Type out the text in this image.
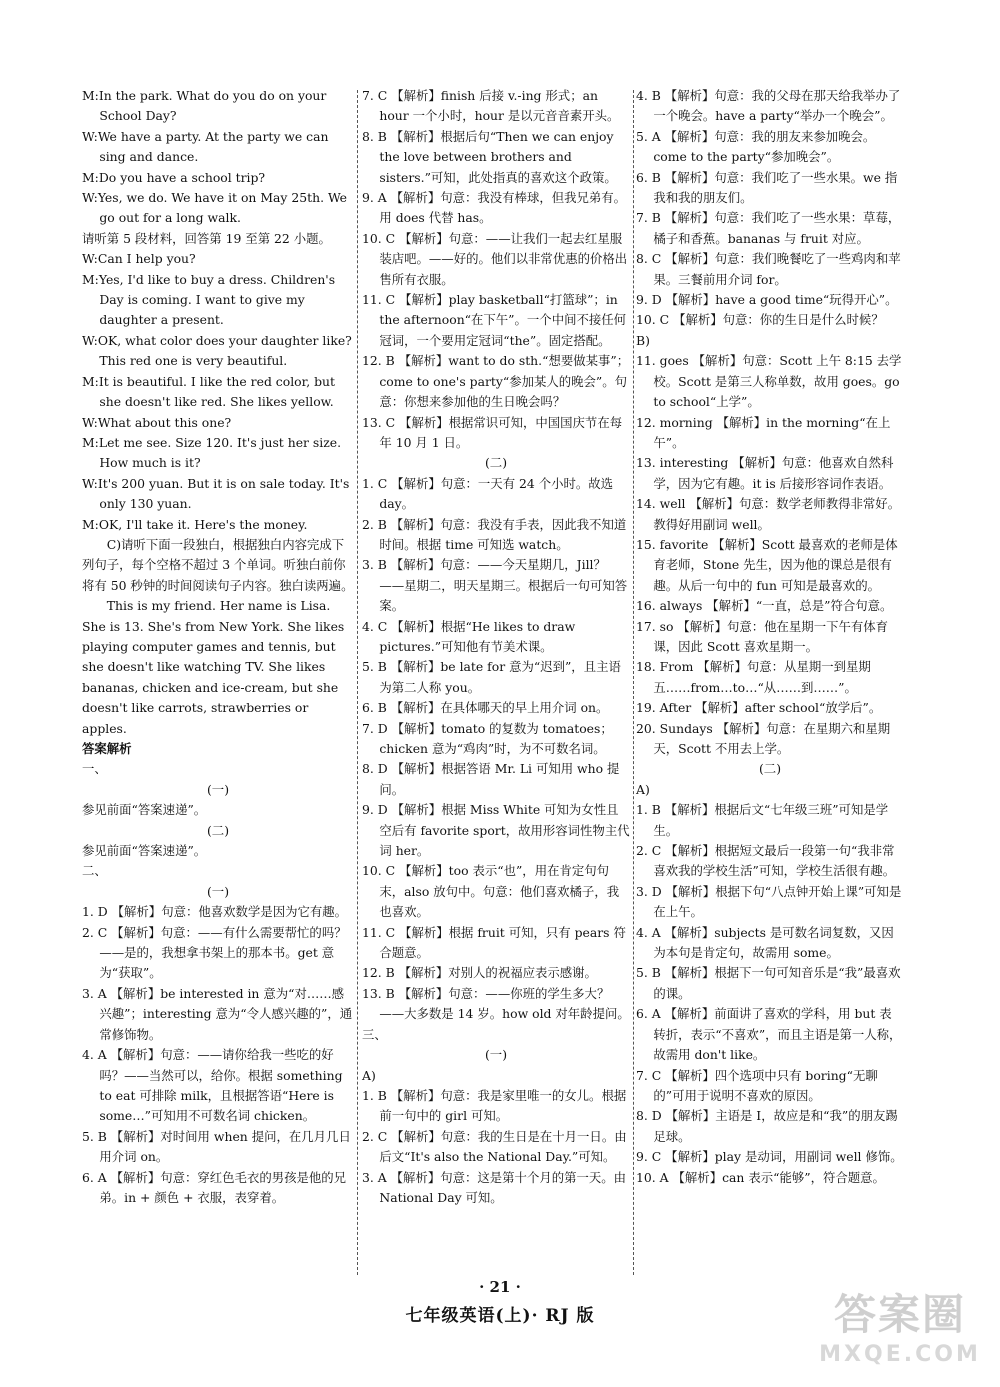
M:In the park. What do you do on your School Day?

W:We have a party. At the party we can sing and dance.

M:Do you have a school trip?

W:Yes, we do. We have it on May 25th. We go out for a long walk.

请听第 5 段材料，回答第 19 至第 22 小题。

W:Can I help you?

M:Yes, I'd like to buy a dress. Children's Day is coming. I want to give my daughter a present.

W:OK, what color does your daughter like? This red one is very beautiful.

M:It is beautiful. I like the red color, but she doesn't like red. She likes yellow.

W:What about this one?

M:Let me see. Size 120. It's just her size. How much is it?

W:It's 200 yuan. But it is on sale today. It's only 130 yuan.

M:OK, I'll take it. Here's the money.

C)请听下面一段独白，根据独白内容完成下列句子，每个空格不超过 3 个单词。听独白前你将有 50 秒钟的时间阅读句子内容。独白读两遍。

This is my friend. Her name is Lisa. She is 13. She's from New York. She likes playing computer games and tennis, but she doesn't like watching TV. She likes bananas, chicken and ice-cream, but she doesn't like carrots, strawberries or apples.

答案解析

一、

(一)

参见前面“答案速递”。

(二)

参见前面“答案速递”。

二、

(一)

1. D 【解析】句意：他喜欢数学是因为它有趣。

2. C 【解析】句意：——有什么需要帮忙的吗？——是的，我想拿书架上的那本书。get 意为“获取”。

3. A 【解析】be interested in 意为“对……感兴趣”；interesting 意为“令人感兴趣的”，通常修饰物。

4. A 【解析】句意：——请你给我一些吃的好吗？——当然可以，给你。根据 something to eat 可排除 milk，且根据答语“Here is some…”可知用不可数名词 chicken。

5. B 【解析】对时间用 when 提问，在几月几日用介词 on。

6. A 【解析】句意：穿红色毛衣的男孩是他的兄弟。in + 颜色 + 衣服，表穿着。

7. C 【解析】finish 后接 v.-ing 形式；an hour 一个小时，hour 是以元音音素开头。

8. B 【解析】根据后句“Then we can enjoy the love between brothers and sisters.”可知，此处指真的喜欢这个政策。

9. A 【解析】句意：我没有棒球，但我兄弟有。用 does 代替 has。

10. C 【解析】句意：——让我们一起去红星服装店吧。——好的。他们以非常优惠的价格出售所有衣服。

11. C 【解析】play basketball“打篮球”；in the afternoon“在下午”。一个中间不接任何冠词，一个要用定冠词“the”。固定搭配。

12. B 【解析】want to do sth.“想要做某事”；come to one's party“参加某人的晚会”。句意：你想来参加他的生日晚会吗？

13. C 【解析】根据常识可知，中国国庆节在每年 10 月 1 日。

(二)

1. C 【解析】句意：一天有 24 个小时。故选 day。

2. B 【解析】句意：我没有手表，因此我不知道时间。根据 time 可知选 watch。

3. B 【解析】句意：——今天星期几，Jill？——星期二，明天星期三。根据后一句可知答案。

4. C 【解析】根据“He likes to draw pictures.”可知他有节美术课。

5. B 【解析】be late for 意为“迟到”，且主语为第二人称 you。

6. B 【解析】在具体哪天的早上用介词 on。

7. D 【解析】tomato 的复数为 tomatoes；chicken 意为“鸡肉”时，为不可数名词。

8. D 【解析】根据答语 Mr. Li 可知用 who 提问。

9. D 【解析】根据 Miss White 可知为女性且空后有 favorite sport，故用形容词性物主代词 her。

10. C 【解析】too 表示“也”，用在肯定句句末，also 放句中。句意：他们喜欢橘子，我也喜欢。

11. C 【解析】根据 fruit 可知，只有 pears 符合题意。

12. B 【解析】对别人的祝福应表示感谢。

13. B 【解析】句意：——你班的学生多大？——大多数是 14 岁。how old 对年龄提问。

三、

(一)

A)

1. B 【解析】句意：我是家里唯一的女儿。根据前一句中的 girl 可知。

2. C 【解析】句意：我的生日是在十月一日。由后文“It's also the National Day.”可知。

3. A 【解析】句意：这是第十个月的第一天。由 National Day 可知。

4. B 【解析】句意：我的父母在那天给我举办了一个晚会。have a party“举办一个晚会”。

5. A 【解析】句意：我的朋友来参加晚会。come to the party“参加晚会”。

6. B 【解析】句意：我们吃了一些水果。we 指我和我的朋友们。

7. B 【解析】句意：我们吃了一些水果：草莓，橘子和香蕉。bananas 与 fruit 对应。

8. C 【解析】句意：我们晚餐吃了一些鸡肉和苹果。三餐前用介词 for。

9. D 【解析】have a good time“玩得开心”。

10. C 【解析】句意：你的生日是什么时候？

B)

11. goes 【解析】句意：Scott 上午 8:15 去学校。Scott 是第三人称单数，故用 goes。go to school“上学”。

12. morning 【解析】in the morning“在上午”。

13. interesting 【解析】句意：他喜欢自然科学，因为它有趣。it is 后接形容词作表语。

14. well 【解析】句意：数学老师教得非常好。教得好用副词 well。

15. favorite 【解析】Scott 最喜欢的老师是体育老师，Stone 先生，因为他的课总是很有趣。从后一句中的 fun 可知是最喜欢的。

16. always 【解析】“一直，总是”符合句意。

17. so 【解析】句意：他在星期一下午有体育课，因此 Scott 喜欢星期一。

18. From 【解析】句意：从星期一到星期五……from…to…“从……到……”。

19. After 【解析】after school“放学后”。

20. Sundays 【解析】句意：在星期六和星期天，Scott 不用去上学。

(二)

A)

1. B 【解析】根据后文“七年级三班”可知是学生。

2. C 【解析】根据短文最后一段第一句“我非常喜欢我的学校生活”可知，学校生活很有趣。

3. D 【解析】根据下句“八点钟开始上课”可知是在上午。

4. A 【解析】subjects 是可数名词复数，又因为本句是肯定句，故需用 some。

5. B 【解析】根据下一句可知音乐是“我”最喜欢的课。

6. A 【解析】前面讲了喜欢的学科，用 but 表转折，表示“不喜欢”，而且主语是第一人称，故需用 don't like。

7. C 【解析】四个选项中只有 boring“无聊的”可用于说明不喜欢的原因。

8. D 【解析】主语是 I，故应是和“我”的朋友踢足球。

9. C 【解析】play 是动词，用副词 well 修饰。

10. A 【解析】can 表示“能够”，符合题意。

· 21 ·
七年级英语(上)· RJ 版	答案圈
MXQE.COM
